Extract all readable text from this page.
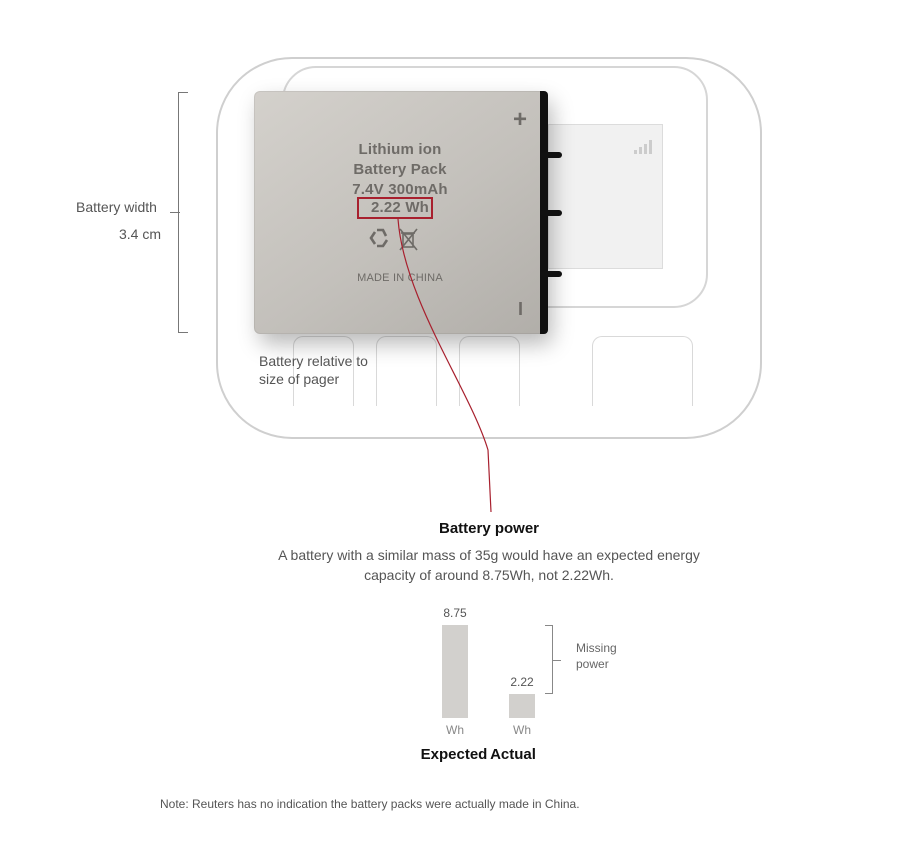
Battery width
3.4 cm
+
I
Lithium ion
Battery Pack
7.4V 300mAh
2.22 Wh
MADE IN CHINA
Battery relative to
size of pager
Battery power
A battery with a similar mass of 35g would have an expected energy
capacity of around 8.75Wh, not 2.22Wh.
8.75
Wh
Expected
2.22
Wh
Actual
Missing
power
Note: Reuters has no indication the battery packs were actually made in China.
